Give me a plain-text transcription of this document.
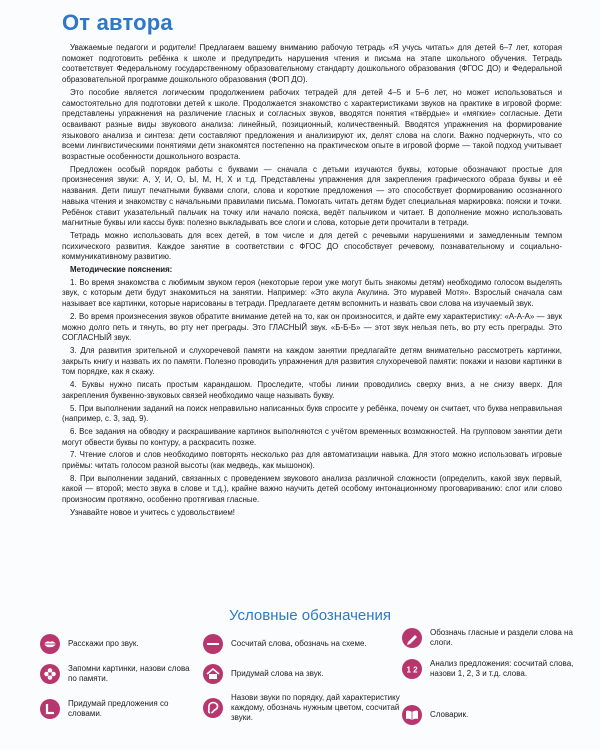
От автора

Уважаемые педагоги и родители! Предлагаем вашему вниманию рабочую тетрадь «Я учусь читать» для детей 6–7 лет, которая поможет подготовить ребёнка к школе и предупредить нарушения чтения и письма на этапе школьного обучения. Тетрадь соответствует Федеральному государственному образовательному стандарту дошкольного образования (ФГОС ДО) и Федеральной образовательной программе дошкольного образования (ФОП ДО).

Это пособие является логическим продолжением рабочих тетрадей для детей 4–5 и 5–6 лет, но может использоваться и самостоятельно для подготовки детей к школе. Продолжается знакомство с характеристиками звуков на практике в игровой форме: представлены упражнения на различение гласных и согласных звуков, вводятся понятия «твёрдые» и «мягкие» согласные. Дети осваивают разные виды звукового анализа: линейный, позиционный, количественный. Вводятся упражнения на формирование языкового анализа и синтеза: дети составляют предложения и анализируют их, делят слова на слоги. Важно подчеркнуть, что со всеми лингвистическими понятиями дети знакомятся постепенно на практическом опыте в игровой форме — такой подход учитывает возрастные особенности дошкольного возраста.

Предложен особый порядок работы с буквами — сначала с детьми изучаются буквы, которые обозначают простые для произнесения звуки: А, У, И, О, Ы, М, Н, Х и т.д. Представлены упражнения для закрепления графического образа буквы и её названия. Дети пишут печатными буквами слоги, слова и короткие предложения — это способствует формированию осознанного навыка чтения и знакомству с начальными правилами письма. Помогать читать детям будет специальная маркировка: пояски и точки. Ребёнок ставит указательный пальчик на точку или начало пояска, ведёт пальчиком и читает. В дополнение можно использовать магнитные буквы или кассы букв: полезно выкладывать все слоги и слова, которые дети прочитали в тетради.

Тетрадь можно использовать для всех детей, в том числе и для детей с речевыми нарушениями и замедленным темпом психического развития. Каждое занятие в соответствии с ФГОС ДО способствует речевому, познавательному и социально-коммуникативному развитию.

Методические пояснения:

1. Во время знакомства с любимым звуком героя (некоторые герои уже могут быть знакомы детям) необходимо голосом выделять звук, с которым дети будут знакомиться на занятии. Например: «Это акула Акулина. Это муравей Мотя». Взрослый сначала сам называет все картинки, которые нарисованы в тетради. Предлагаете детям вспомнить и назвать свои слова на изучаемый звук.

2. Во время произнесения звуков обратите внимание детей на то, как он произносится, и дайте ему характеристику: «А-А-А» — звук можно долго петь и тянуть, во рту нет преграды. Это ГЛАСНЫЙ звук. «Б-Б-Б» — этот звук нельзя петь, во рту есть преграды. Это СОГЛАСНЫЙ звук.

3. Для развития зрительной и слухоречевой памяти на каждом занятии предлагайте детям внимательно рассмотреть картинки, закрыть книгу и назвать их по памяти. Полезно проводить упражнения для развития слухоречевой памяти: покажи и назови картинки в том порядке, как я скажу.

4. Буквы нужно писать простым карандашом. Проследите, чтобы линии проводились сверху вниз, а не снизу вверх. Для закрепления буквенно-звуковых связей необходимо чаще называть букву.

5. При выполнении заданий на поиск неправильно написанных букв спросите у ребёнка, почему он считает, что буква неправильная (например, с. 3, зад. 9).

6. Все задания на обводку и раскрашивание картинок выполняются с учётом временных возможностей. На групповом занятии дети могут обвести буквы по контуру, а раскрасить позже.

7. Чтение слогов и слов необходимо повторять несколько раз для автоматизации навыка. Для этого можно использовать игровые приёмы: читать голосом разной высоты (как медведь, как мышонок).

8. При выполнении заданий, связанных с проведением звукового анализа различной сложности (определить, какой звук первый, какой — второй; место звука в слове и т.д.), крайне важно научить детей особому интонационному проговариванию: слог или слово произносим протяжно, особенно протягивая гласные.

Узнавайте новое и учитесь с удовольствием!

Условные обозначения
Расскажи про звук.
Запомни картинки, назови слова по памяти.
Придумай предложения со словами.
Сосчитай слова, обозначь на схеме.
Придумай слова на звук.
Назови звуки по порядку, дай характеристику каждому, обозначь нужным цветом, сосчитай звуки.
Обозначь гласные и раздели слова на слоги.
1 2
Анализ предложения: сосчитай слова, назови 1, 2, 3 и т.д. слова.
Словарик.
